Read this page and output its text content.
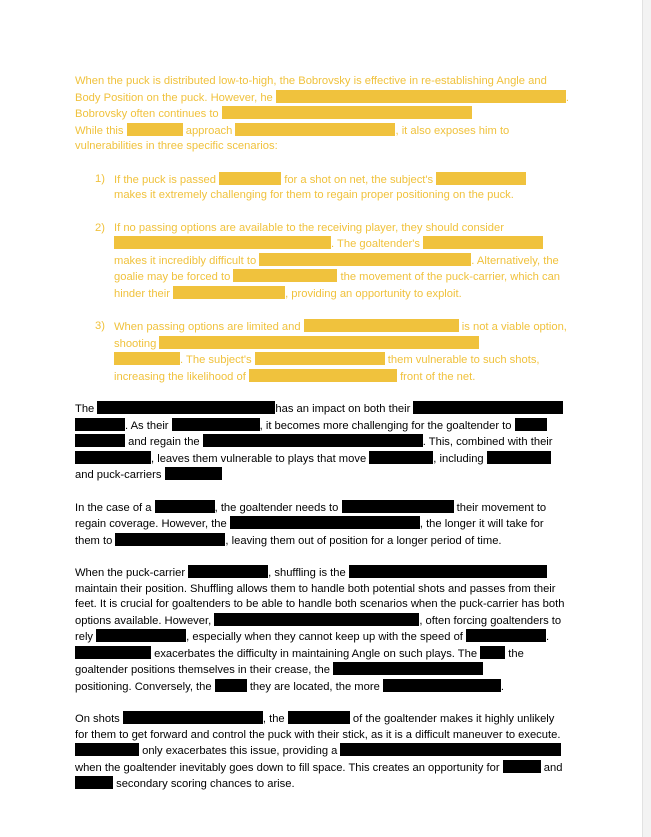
When the puck is distributed low-to-high, the Bobrovsky is effective in re-establishing Angle and Body Position on the puck. However, he	. Bobrovsky often continues to
While this	approach	, it also exposes him to vulnerabilities in three specific scenarios:

1) If the puck is passed	for a shot on net, the subject's
makes it extremely challenging for them to regain proper positioning on the puck.
2) If no passing options are available to the receiving player, they should consider
. The goaltender's
makes it incredibly difficult to	. Alternatively, the goalie may be forced to	the movement of the puck-carrier, which can hinder their	, providing an opportunity to exploit.
3) When passing options are limited and	is not a viable option, shooting
. The subject's	them vulnerable to such shots, increasing the likelihood of	front of the net.

The	has an impact on both their . As their	, it becomes more challenging for the goaltender to  and regain the	. This, combined with their , leaves them vulnerable to plays that move	, including
and puck-carriers

In the case of a	, the goaltender needs to	their movement to regain coverage. However, the	, the longer it will take for them to	, leaving them out of position for a longer period of time.

When the puck-carrier	, shuffling is the
maintain their position. Shuffling allows them to handle both potential shots and passes from their feet. It is crucial for goaltenders to be able to handle both scenarios when the puck-carrier has both options available. However,	, often forcing goaltenders to rely	, especially when they cannot keep up with the speed of	.  exacerbates the difficulty in maintaining Angle on such plays. The  the goaltender positions themselves in their crease, the
positioning. Conversely, the	they are located, the more	.

On shots	, the	of the goaltender makes it highly unlikely for them to get forward and control the puck with their stick, as it is a difficult maneuver to execute.  only exacerbates this issue, providing a  when the goaltender inevitably goes down to fill space. This creates an opportunity for	and  secondary scoring chances to arise.
